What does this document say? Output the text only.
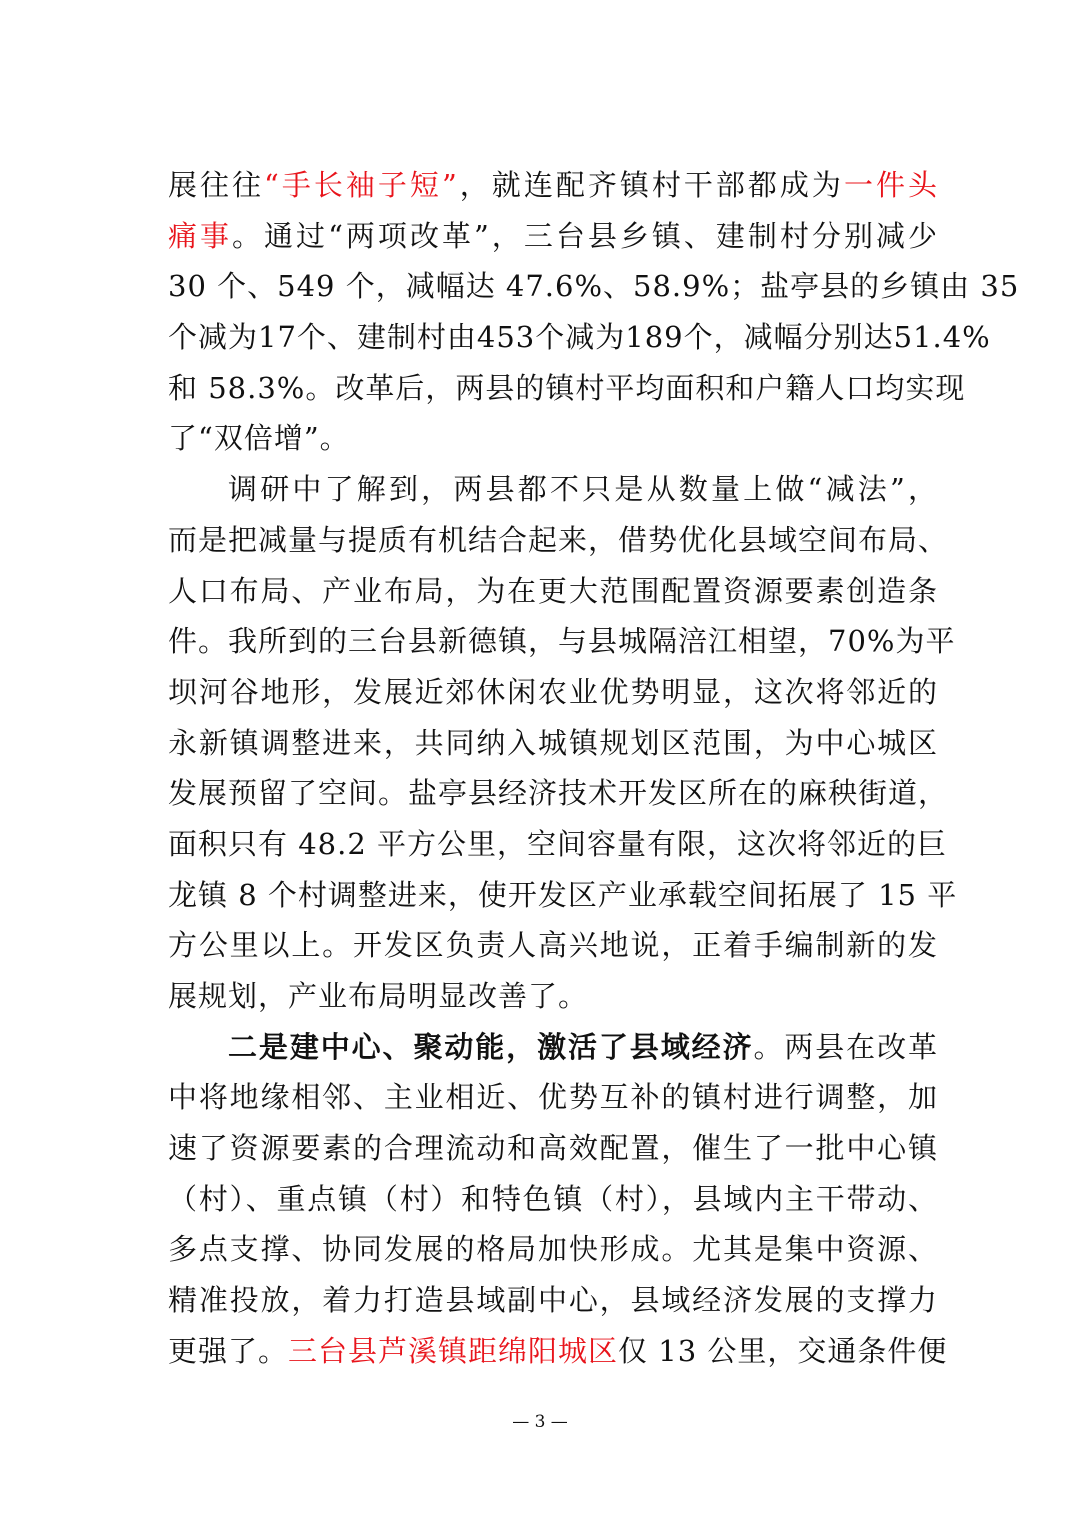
展往往“手长袖子短”，就连配齐镇村干部都成为一件头
痛事。通过“两项改革”，三台县乡镇、建制村分别减少
30 个、549 个，减幅达 47.6%、58.9%；盐亭县的乡镇由 35
个减为17个、建制村由453个减为189个，减幅分别达51.4%
和 58.3%。改革后，两县的镇村平均面积和户籍人口均实现
了“双倍增”。
调研中了解到，两县都不只是从数量上做“减法”，
而是把减量与提质有机结合起来，借势优化县域空间布局、
人口布局、产业布局，为在更大范围配置资源要素创造条
件。我所到的三台县新德镇，与县城隔涪江相望，70%为平
坝河谷地形，发展近郊休闲农业优势明显，这次将邻近的
永新镇调整进来，共同纳入城镇规划区范围，为中心城区
发展预留了空间。盐亭县经济技术开发区所在的麻秧街道，
面积只有 48.2 平方公里，空间容量有限，这次将邻近的巨
龙镇 8 个村调整进来，使开发区产业承载空间拓展了 15 平
方公里以上。开发区负责人高兴地说，正着手编制新的发
展规划，产业布局明显改善了。
二是建中心、聚动能，激活了县域经济。两县在改革
中将地缘相邻、主业相近、优势互补的镇村进行调整，加
速了资源要素的合理流动和高效配置，催生了一批中心镇
（村）、重点镇（村）和特色镇（村），县域内主干带动、
多点支撑、协同发展的格局加快形成。尤其是集中资源、
精准投放，着力打造县域副中心，县域经济发展的支撑力
更强了。三台县芦溪镇距绵阳城区仅 13 公里，交通条件便
— 3 —
